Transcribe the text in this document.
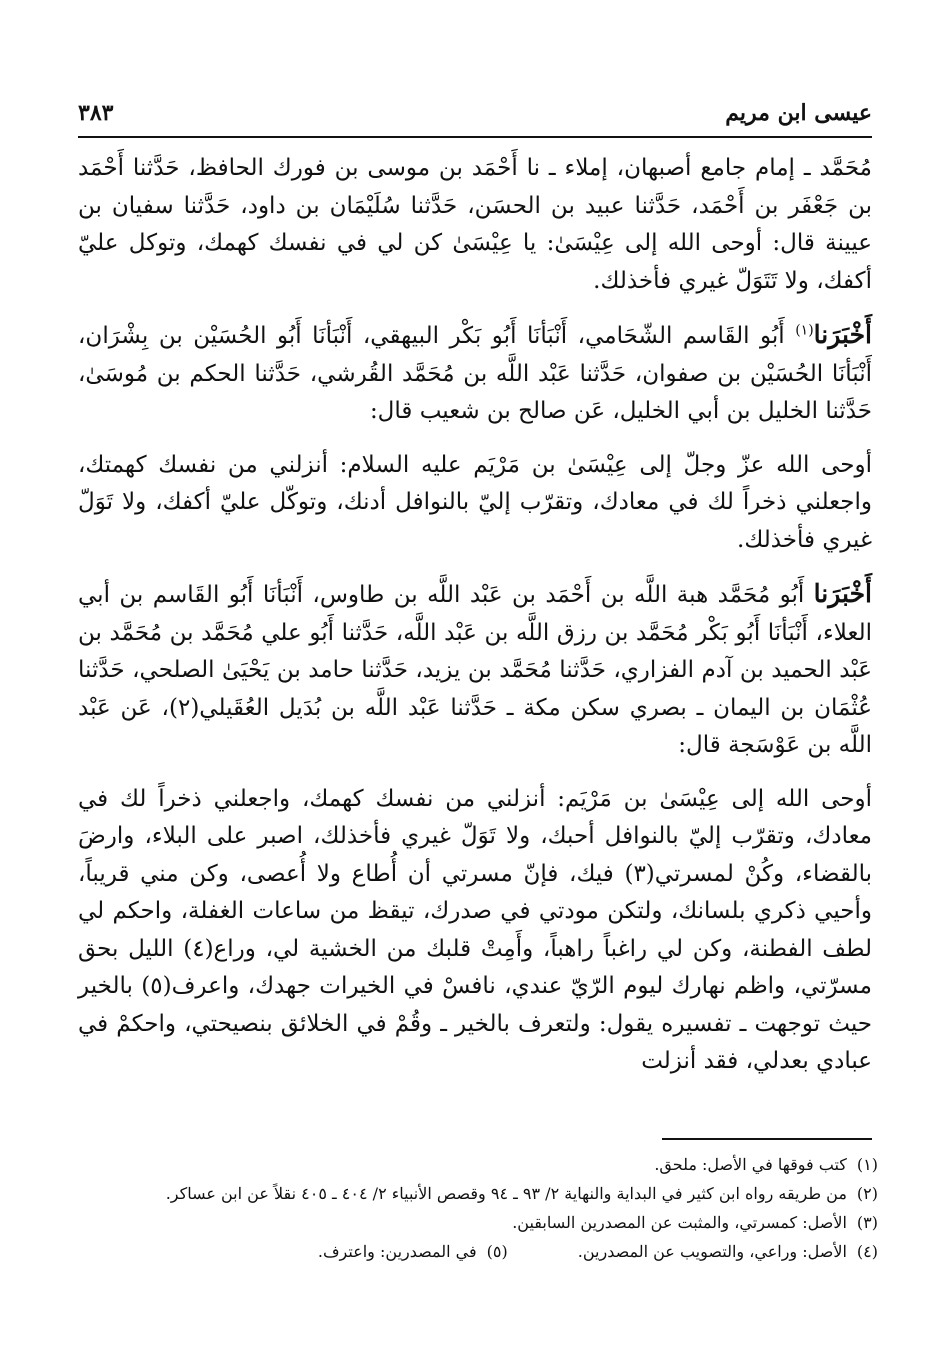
عيسى ابن مريم
٣٨٣

مُحَمَّد ـ إمام جامع أصبهان، إملاء ـ نا أَحْمَد بن موسى بن فورك الحافظ، حَدَّثنا أَحْمَد بن جَعْفَر بن أَحْمَد، حَدَّثنا عبيد بن الحسَن، حَدَّثنا سُلَيْمَان بن داود، حَدَّثنا سفيان بن عيينة قال: أوحى الله إلى عِيْسَىٰ: يا عِيْسَىٰ كن لي في نفسك كهمك، وتوكل عليّ أكفك، ولا تَتَوَلّ غيري فأخذلك.

أَخْبَرَنا$^{(١)}$ أَبُو القَاسم الشّحَامي، أَنْبَأنَا أَبُو بَكْر البيهقي، أَنْبَأنَا أَبُو الحُسَيْن بن بِشْرَان، أَنْبَأنَا الحُسَيْن بن صفوان، حَدَّثنا عَبْد اللَّه بن مُحَمَّد القُرشي، حَدَّثنا الحكم بن مُوسَىٰ، حَدَّثنا الخليل بن أبي الخليل، عَن صالح بن شعيب قال:

أوحى الله عزّ وجلّ إلى عِيْسَىٰ بن مَرْيَم عليه السلام: أنزلني من نفسك كهمتك، واجعلني ذخراً لك في معادك، وتقرّب إليّ بالنوافل أدنك، وتوكّل عليّ أكفك، ولا تَوَلّ غيري فأخذلك.

أَخْبَرَنا أَبُو مُحَمَّد هبة اللَّه بن أَحْمَد بن عَبْد اللَّه بن طاوس، أَنْبَأنَا أَبُو القَاسم بن أبي العلاء، أَنْبَأنَا أَبُو بَكْر مُحَمَّد بن رزق اللَّه بن عَبْد اللَّه، حَدَّثنا أَبُو علي مُحَمَّد بن مُحَمَّد بن عَبْد الحميد بن آدم الفزاري، حَدَّثنا مُحَمَّد بن يزيد، حَدَّثنا حامد بن يَحْيَىٰ الصلحي، حَدَّثنا عُثْمَان بن اليمان ـ بصري سكن مكة ـ حَدَّثنا عَبْد اللَّه بن بُدَيل العُقَيلي(٢)، عَن عَبْد اللَّه بن عَوْسَجة قال:

أوحى الله إلى عِيْسَىٰ بن مَرْيَم: أنزلني من نفسك كهمك، واجعلني ذخراً لك في معادك، وتقرّب إليّ بالنوافل أحبك، ولا تَوَلّ غيري فأخذلك، اصبر على البلاء، وارضَ بالقضاء، وكُنْ لمسرتي(٣) فيك، فإنّ مسرتي أن أُطاع ولا أُعصى، وكن مني قريباً، وأحيي ذكري بلسانك، ولتكن مودتي في صدرك، تيقظ من ساعات الغفلة، واحكم لي لطف الفطنة، وكن لي راغباً راهباً، وأَمِتْ قلبك من الخشية لي، وراع(٤) الليل بحق مسرّتي، واظم نهارك ليوم الرّيّ عندي، نافسْ في الخيرات جهدك، واعرف(٥) بالخير حيث توجهت ـ تفسيره يقول: ولتعرف بالخير ـ وقُمْ في الخلائق بنصيحتي، واحكمْ في عبادي بعدلي، فقد أنزلت

(١)كتب فوقها في الأصل: ملحق.
(٢)من طريقه رواه ابن كثير في البداية والنهاية ٢/ ٩٣ ـ ٩٤ وقصص الأنبياء ٢/ ٤٠٤ ـ ٤٠٥ نقلاً عن ابن عساكر.
(٣)الأصل: كمسرتي، والمثبت عن المصدرين السابقين.
(٤)الأصل: وراعي، والتصويب عن المصدرين.
(٥)في المصدرين: واعترف.
